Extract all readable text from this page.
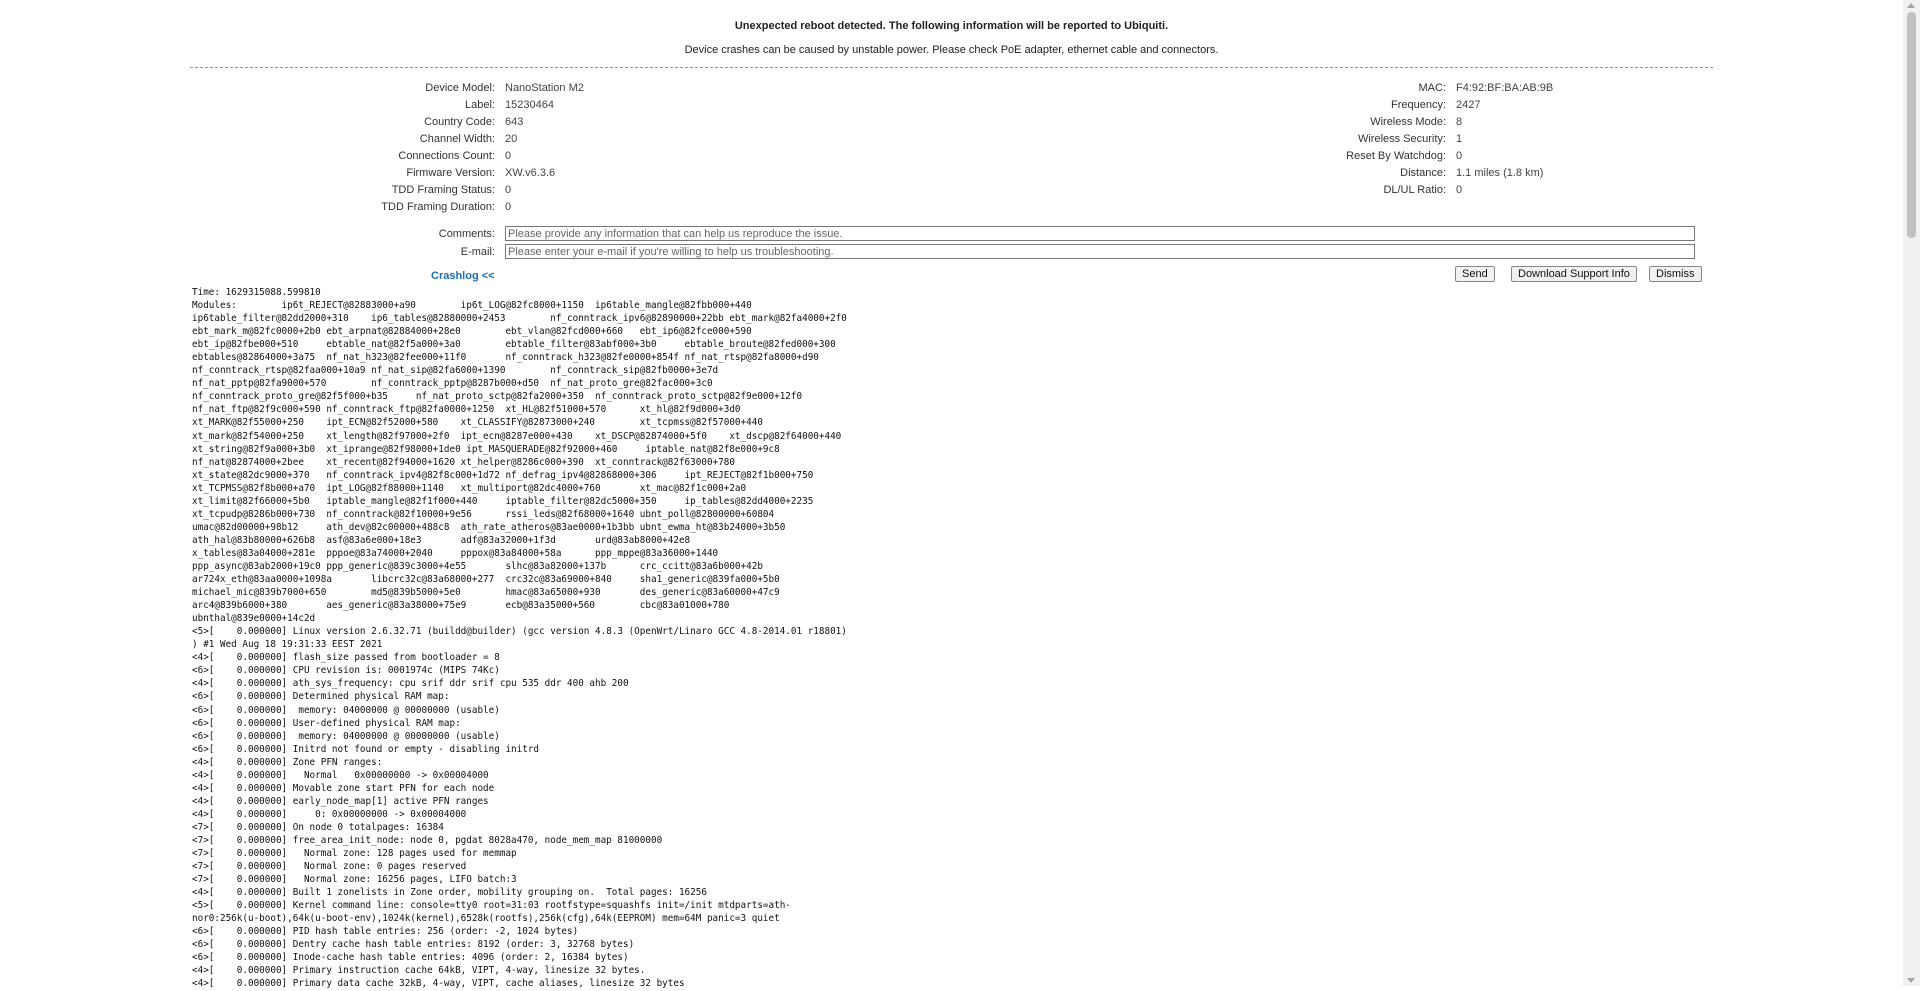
Unexpected reboot detected. The following information will be reported to Ubiquiti.
Device crashes can be caused by unstable power. Please check PoE adapter, ethernet cable and connectors.
Device Model: NanoStation M2
Label: 15230464
Country Code: 643
Channel Width: 20
Connections Count: 0
Firmware Version: XW.v6.3.6
TDD Framing Status: 0
TDD Framing Duration: 0
MAC: F4:92:BF:BA:AB:9B
Frequency: 2427
Wireless Mode: 8
Wireless Security: 1
Reset By Watchdog: 0
Distance: 1.1 miles (1.8 km)
DL/UL Ratio: 0
Comments:
Please provide any information that can help us reproduce the issue.
E-mail:
Please enter your e-mail if you're willing to help us troubleshooting.
Crashlog <<	Send	Download Support Info	Dismiss
Time: 1629315088.599810
Modules:        ip6t_REJECT@82883000+a90        ip6t_LOG@82fc8000+1150  ip6table_mangle@82fbb000+440
ip6table_filter@82dd2000+310    ip6_tables@82880000+2453        nf_conntrack_ipv6@82890000+22bb ebt_mark@82fa4000+2f0
ebt_mark_m@82fc0000+2b0 ebt_arpnat@82884000+28e0        ebt_vlan@82fcd000+660   ebt_ip6@82fce000+590
ebt_ip@82fbe000+510     ebtable_nat@82f5a000+3a0        ebtable_filter@83abf000+3b0     ebtable_broute@82fed000+300
ebtables@82864000+3a75  nf_nat_h323@82fee000+11f0       nf_conntrack_h323@82fe0000+854f nf_nat_rtsp@82fa8000+d90
nf_conntrack_rtsp@82faa000+10a9 nf_nat_sip@82fa6000+1390        nf_conntrack_sip@82fb0000+3e7d
nf_nat_pptp@82fa9000+570        nf_conntrack_pptp@8287b000+d50  nf_nat_proto_gre@82fac000+3c0
nf_conntrack_proto_gre@82f5f000+b35     nf_nat_proto_sctp@82fa2000+350  nf_conntrack_proto_sctp@82f9e000+12f0
nf_nat_ftp@82f9c000+590 nf_conntrack_ftp@82fa0000+1250  xt_HL@82f51000+570      xt_hl@82f9d000+3d0
xt_MARK@82f55000+250    ipt_ECN@82f52000+580    xt_CLASSIFY@82873000+240        xt_tcpmss@82f57000+440
xt_mark@82f54000+250    xt_length@82f97000+2f0  ipt_ecn@8287e000+430    xt_DSCP@82874000+5f0    xt_dscp@82f64000+440
xt_string@82f9a000+3b0  xt_iprange@82f98000+1de0 ipt_MASQUERADE@82f92000+460     iptable_nat@82f8e000+9c8
nf_nat@82874000+2bee    xt_recent@82f94000+1620 xt_helper@8286c000+390  xt_conntrack@82f63000+780
xt_state@82dc9000+370   nf_conntrack_ipv4@82f8c000+1d72 nf_defrag_ipv4@82868000+306     ipt_REJECT@82f1b000+750
xt_TCPMSS@82f8b000+a70  ipt_LOG@82f88000+1140   xt_multiport@82dc4000+760       xt_mac@82f1c000+2a0
xt_limit@82f66000+5b0   iptable_mangle@82f1f000+440     iptable_filter@82dc5000+350     ip_tables@82dd4000+2235
xt_tcpudp@8286b000+730  nf_conntrack@82f10000+9e56      rssi_leds@82f68000+1640 ubnt_poll@82800000+60804
umac@82d00000+98b12     ath_dev@82c00000+488c8  ath_rate_atheros@83ae0000+1b3bb ubnt_ewma_ht@83b24000+3b50
ath_hal@83b80000+626b8  asf@83a6e000+18e3       adf@83a32000+1f3d       urd@83ab8000+42e8
x_tables@83a04000+281e  pppoe@83a74000+2040     pppox@83a84000+58a      ppp_mppe@83a36000+1440
ppp_async@83ab2000+19c0 ppp_generic@839c3000+4e55       slhc@83a82000+137b      crc_ccitt@83a6b000+42b
ar724x_eth@83aa0000+1098a       libcrc32c@83a68000+277  crc32c@83a69000+840     sha1_generic@839fa000+5b0
michael_mic@839b7000+650        md5@839b5000+5e0        hmac@83a65000+930       des_generic@83a60000+47c9
arc4@839b6000+380       aes_generic@83a38000+75e9       ecb@83a35000+560        cbc@83a01000+780
ubnthal@839e0000+14c2d
<5>[    0.000000] Linux version 2.6.32.71 (buildd@builder) (gcc version 4.8.3 (OpenWrt/Linaro GCC 4.8-2014.01 r18801)
) #1 Wed Aug 18 19:31:33 EEST 2021
<4>[    0.000000] flash_size passed from bootloader = 8
<6>[    0.000000] CPU revision is: 0001974c (MIPS 74Kc)
<4>[    0.000000] ath_sys_frequency: cpu srif ddr srif cpu 535 ddr 400 ahb 200
<6>[    0.000000] Determined physical RAM map:
<6>[    0.000000]  memory: 04000000 @ 00000000 (usable)
<6>[    0.000000] User-defined physical RAM map:
<6>[    0.000000]  memory: 04000000 @ 00000000 (usable)
<6>[    0.000000] Initrd not found or empty - disabling initrd
<4>[    0.000000] Zone PFN ranges:
<4>[    0.000000]   Normal   0x00000000 -> 0x00004000
<4>[    0.000000] Movable zone start PFN for each node
<4>[    0.000000] early_node_map[1] active PFN ranges
<4>[    0.000000]     0: 0x00000000 -> 0x00004000
<7>[    0.000000] On node 0 totalpages: 16384
<7>[    0.000000] free_area_init_node: node 0, pgdat 8028a470, node_mem_map 81000000
<7>[    0.000000]   Normal zone: 128 pages used for memmap
<7>[    0.000000]   Normal zone: 0 pages reserved
<7>[    0.000000]   Normal zone: 16256 pages, LIFO batch:3
<4>[    0.000000] Built 1 zonelists in Zone order, mobility grouping on.  Total pages: 16256
<5>[    0.000000] Kernel command line: console=tty0 root=31:03 rootfstype=squashfs init=/init mtdparts=ath-
nor0:256k(u-boot),64k(u-boot-env),1024k(kernel),6528k(rootfs),256k(cfg),64k(EEPROM) mem=64M panic=3 quiet
<6>[    0.000000] PID hash table entries: 256 (order: -2, 1024 bytes)
<6>[    0.000000] Dentry cache hash table entries: 8192 (order: 3, 32768 bytes)
<6>[    0.000000] Inode-cache hash table entries: 4096 (order: 2, 16384 bytes)
<4>[    0.000000] Primary instruction cache 64kB, VIPT, 4-way, linesize 32 bytes.
<4>[    0.000000] Primary data cache 32kB, 4-way, VIPT, cache aliases, linesize 32 bytes
